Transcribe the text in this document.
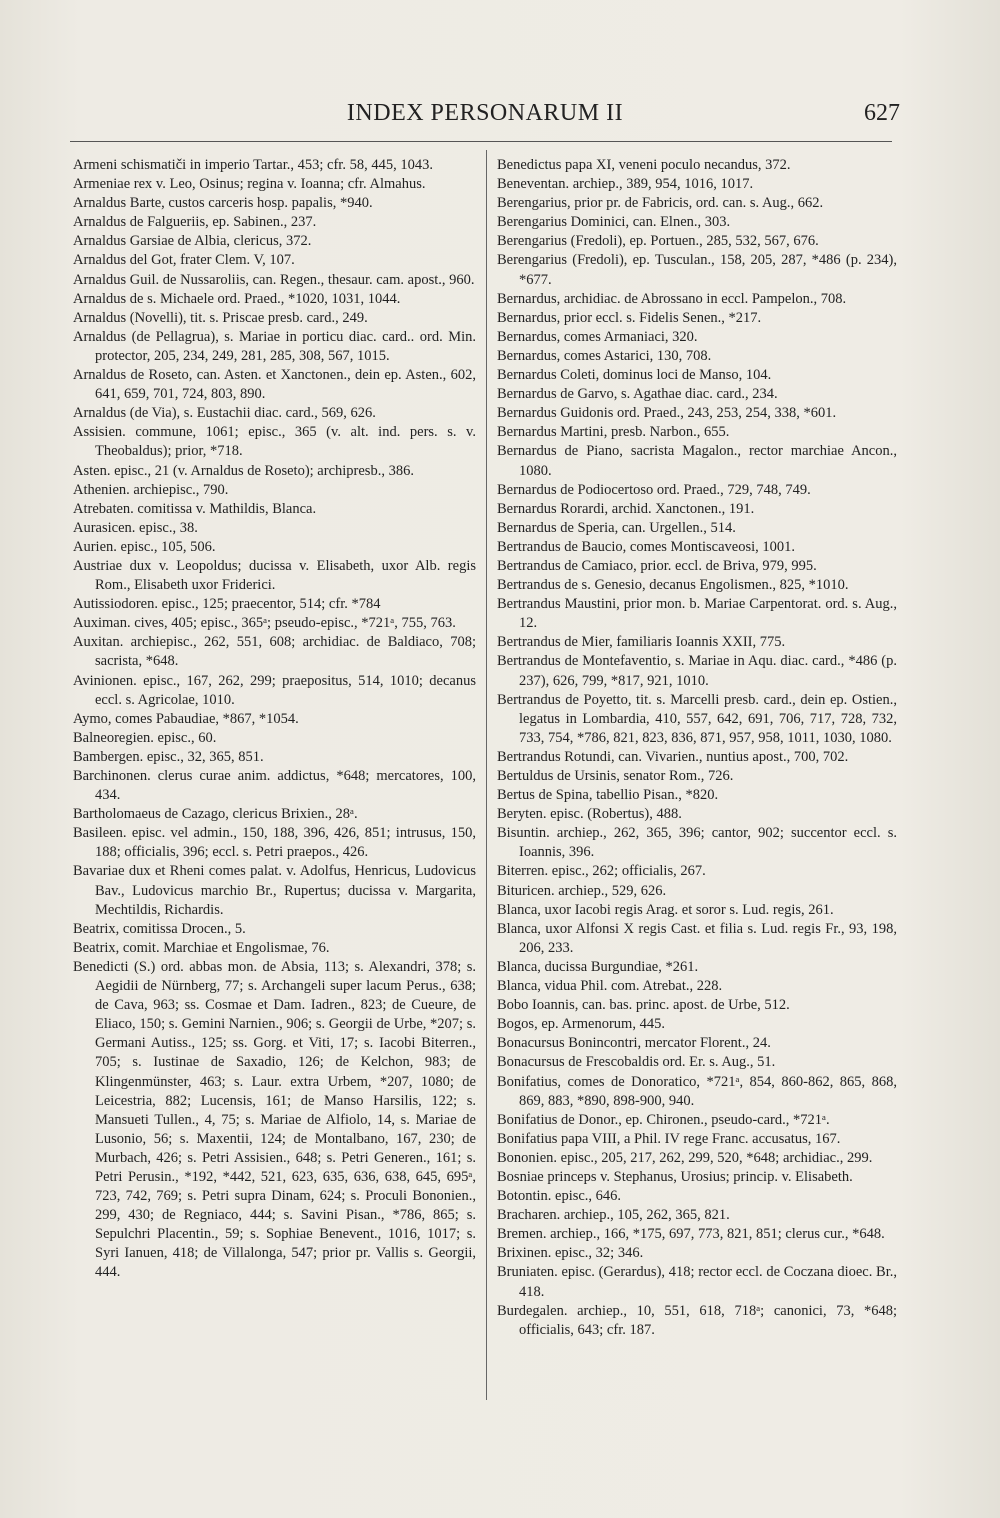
INDEX PERSONARUM II	627

Armeni schismatiči in imperio Tartar., 453; cfr. 58, 445, 1043.

Armeniae rex v. Leo, Osinus; regina v. Ioanna; cfr. Almahus.

Arnaldus Barte, custos carceris hosp. papalis, *940.

Arnaldus de Falgueriis, ep. Sabinen., 237.

Arnaldus Garsiae de Albia, clericus, 372.

Arnaldus del Got, frater Clem. V, 107.

Arnaldus Guil. de Nussaroliis, can. Regen., thesaur. cam. apost., 960.

Arnaldus de s. Michaele ord. Praed., *1020, 1031, 1044.

Arnaldus (Novelli), tit. s. Priscae presb. card., 249.

Arnaldus (de Pellagrua), s. Mariae in porticu diac. card.. ord. Min. protector, 205, 234, 249, 281, 285, 308, 567, 1015.

Arnaldus de Roseto, can. Asten. et Xanctonen., dein ep. Asten., 602, 641, 659, 701, 724, 803, 890.

Arnaldus (de Via), s. Eustachii diac. card., 569, 626.

Assisien. commune, 1061; episc., 365 (v. alt. ind. pers. s. v. Theobaldus); prior, *718.

Asten. episc., 21 (v. Arnaldus de Roseto); archipresb., 386.

Athenien. archiepisc., 790.

Atrebaten. comitissa v. Mathildis, Blanca.

Aurasicen. episc., 38.

Aurien. episc., 105, 506.

Austriae dux v. Leopoldus; ducissa v. Elisabeth, uxor Alb. regis Rom., Elisabeth uxor Friderici.

Autissiodoren. episc., 125; praecentor, 514; cfr. *784

Auximan. cives, 405; episc., 365ᵃ; pseudo-episc., *721ᵃ, 755, 763.

Auxitan. archiepisc., 262, 551, 608; archidiac. de Baldiaco, 708; sacrista, *648.

Avinionen. episc., 167, 262, 299; praepositus, 514, 1010; decanus eccl. s. Agricolae, 1010.

Aymo, comes Pabaudiae, *867, *1054.

Balneoregien. episc., 60.

Bambergen. episc., 32, 365, 851.

Barchinonen. clerus curae anim. addictus, *648; mercatores, 100, 434.

Bartholomaeus de Cazago, clericus Brixien., 28ᵃ.

Basileen. episc. vel admin., 150, 188, 396, 426, 851; intrusus, 150, 188; officialis, 396; eccl. s. Petri praepos., 426.

Bavariae dux et Rheni comes palat. v. Adolfus, Henricus, Ludovicus Bav., Ludovicus marchio Br., Rupertus; ducissa v. Margarita, Mechtildis, Richardis.

Beatrix, comitissa Drocen., 5.

Beatrix, comit. Marchiae et Engolismae, 76.

Benedicti (S.) ord. abbas mon. de Absia, 113; s. Alexandri, 378; s. Aegidii de Nürnberg, 77; s. Archangeli super lacum Perus., 638; de Cava, 963; ss. Cosmae et Dam. Iadren., 823; de Cueure, de Eliaco, 150; s. Gemini Narnien., 906; s. Georgii de Urbe, *207; s. Germani Autiss., 125; ss. Gorg. et Viti, 17; s. Iacobi Biterren., 705; s. Iustinae de Saxadio, 126; de Kelchon, 983; de Klingenmünster, 463; s. Laur. extra Urbem, *207, 1080; de Leicestria, 882; Lucensis, 161; de Manso Harsilis, 122; s. Mansueti Tullen., 4, 75; s. Mariae de Alfiolo, 14, s. Mariae de Lusonio, 56; s. Maxentii, 124; de Montalbano, 167, 230; de Murbach, 426; s. Petri Assisien., 648; s. Petri Generen., 161; s. Petri Perusin., *192, *442, 521, 623, 635, 636, 638, 645, 695ᵃ, 723, 742, 769; s. Petri supra Dinam, 624; s. Proculi Bononien., 299, 430; de Regniaco, 444; s. Savini Pisan., *786, 865; s. Sepulchri Placentin., 59; s. Sophiae Benevent., 1016, 1017; s. Syri Ianuen, 418; de Villalonga, 547; prior pr. Vallis s. Georgii, 444.

Benedictus papa XI, veneni poculo necandus, 372.

Beneventan. archiep., 389, 954, 1016, 1017.

Berengarius, prior pr. de Fabricis, ord. can. s. Aug., 662.

Berengarius Dominici, can. Elnen., 303.

Berengarius (Fredoli), ep. Portuen., 285, 532, 567, 676.

Berengarius (Fredoli), ep. Tusculan., 158, 205, 287, *486 (p. 234), *677.

Bernardus, archidiac. de Abrossano in eccl. Pampelon., 708.

Bernardus, prior eccl. s. Fidelis Senen., *217.

Bernardus, comes Armaniaci, 320.

Bernardus, comes Astarici, 130, 708.

Bernardus Coleti, dominus loci de Manso, 104.

Bernardus de Garvo, s. Agathae diac. card., 234.

Bernardus Guidonis ord. Praed., 243, 253, 254, 338, *601.

Bernardus Martini, presb. Narbon., 655.

Bernardus de Piano, sacrista Magalon., rector marchiae Ancon., 1080.

Bernardus de Podiocertoso ord. Praed., 729, 748, 749.

Bernardus Rorardi, archid. Xanctonen., 191.

Bernardus de Speria, can. Urgellen., 514.

Bertrandus de Baucio, comes Montiscaveosi, 1001.

Bertrandus de Camiaco, prior. eccl. de Briva, 979, 995.

Bertrandus de s. Genesio, decanus Engolismen., 825, *1010.

Bertrandus Maustini, prior mon. b. Mariae Carpentorat. ord. s. Aug., 12.

Bertrandus de Mier, familiaris Ioannis XXII, 775.

Bertrandus de Montefaventio, s. Mariae in Aqu. diac. card., *486 (p. 237), 626, 799, *817, 921, 1010.

Bertrandus de Poyetto, tit. s. Marcelli presb. card., dein ep. Ostien., legatus in Lombardia, 410, 557, 642, 691, 706, 717, 728, 732, 733, 754, *786, 821, 823, 836, 871, 957, 958, 1011, 1030, 1080.

Bertrandus Rotundi, can. Vivarien., nuntius apost., 700, 702.

Bertuldus de Ursinis, senator Rom., 726.

Bertus de Spina, tabellio Pisan., *820.

Beryten. episc. (Robertus), 488.

Bisuntin. archiep., 262, 365, 396; cantor, 902; succentor eccl. s. Ioannis, 396.

Biterren. episc., 262; officialis, 267.

Bituricen. archiep., 529, 626.

Blanca, uxor Iacobi regis Arag. et soror s. Lud. regis, 261.

Blanca, uxor Alfonsi X regis Cast. et filia s. Lud. regis Fr., 93, 198, 206, 233.

Blanca, ducissa Burgundiae, *261.

Blanca, vidua Phil. com. Atrebat., 228.

Bobo Ioannis, can. bas. princ. apost. de Urbe, 512.

Bogos, ep. Armenorum, 445.

Bonacursus Bonincontri, mercator Florent., 24.

Bonacursus de Frescobaldis ord. Er. s. Aug., 51.

Bonifatius, comes de Donoratico, *721ᵃ, 854, 860-862, 865, 868, 869, 883, *890, 898-900, 940.

Bonifatius de Donor., ep. Chironen., pseudo-card., *721ᵃ.

Bonifatius papa VIII, a Phil. IV rege Franc. accusatus, 167.

Bononien. episc., 205, 217, 262, 299, 520, *648; archidiac., 299.

Bosniae princeps v. Stephanus, Urosius; princip. v. Elisabeth.

Botontin. episc., 646.

Bracharen. archiep., 105, 262, 365, 821.

Bremen. archiep., 166, *175, 697, 773, 821, 851; clerus cur., *648.

Brixinen. episc., 32; 346.

Bruniaten. episc. (Gerardus), 418; rector eccl. de Coczana dioec. Br., 418.

Burdegalen. archiep., 10, 551, 618, 718ᵃ; canonici, 73, *648; officialis, 643; cfr. 187.
